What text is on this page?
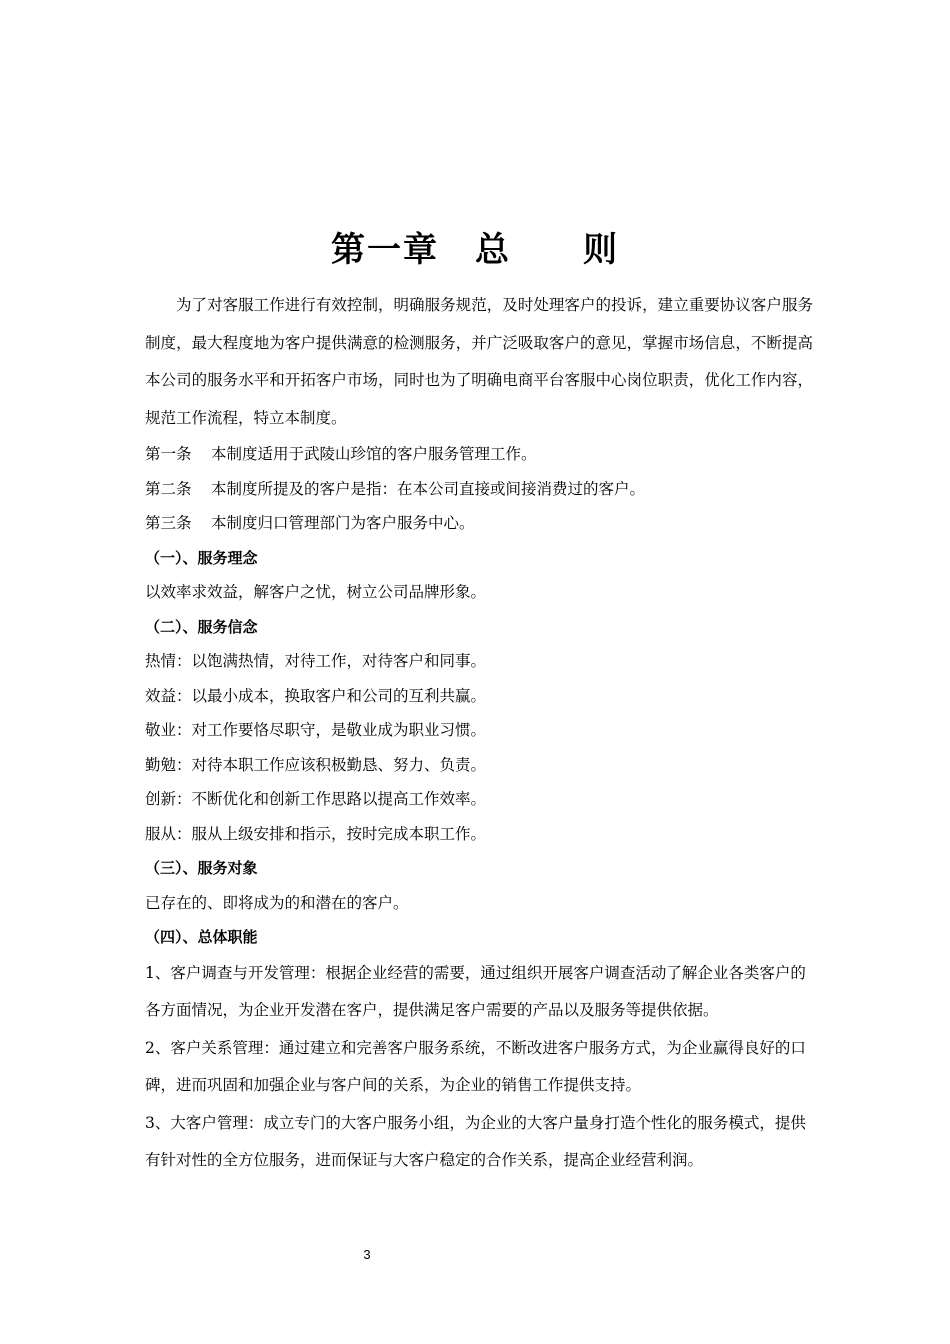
第一章 总 则

为了对客服工作进行有效控制，明确服务规范，及时处理客户的投诉，建立重要协议客户服务制度，最大程度地为客户提供满意的检测服务，并广泛吸取客户的意见，掌握市场信息，不断提高本公司的服务水平和开拓客户市场，同时也为了明确电商平台客服中心岗位职责，优化工作内容，规范工作流程，特立本制度。

第一条 本制度适用于武陵山珍馆的客户服务管理工作。

第二条 本制度所提及的客户是指：在本公司直接或间接消费过的客户。

第三条 本制度归口管理部门为客户服务中心。

（一）、服务理念

以效率求效益，解客户之忧，树立公司品牌形象。

（二）、服务信念

热情：以饱满热情，对待工作，对待客户和同事。

效益：以最小成本，换取客户和公司的互利共赢。

敬业：对工作要恪尽职守，是敬业成为职业习惯。

勤勉：对待本职工作应该积极勤恳、努力、负责。

创新：不断优化和创新工作思路以提高工作效率。

服从：服从上级安排和指示，按时完成本职工作。

（三）、服务对象

已存在的、即将成为的和潜在的客户。

（四）、总体职能

1、客户调查与开发管理：根据企业经营的需要，通过组织开展客户调查活动了解企业各类客户的各方面情况，为企业开发潜在客户，提供满足客户需要的产品以及服务等提供依据。

2、客户关系管理：通过建立和完善客户服务系统，不断改进客户服务方式，为企业赢得良好的口碑，进而巩固和加强企业与客户间的关系，为企业的销售工作提供支持。

3、大客户管理：成立专门的大客户服务小组，为企业的大客户量身打造个性化的服务模式，提供有针对性的全方位服务，进而保证与大客户稳定的合作关系，提高企业经营利润。

3
